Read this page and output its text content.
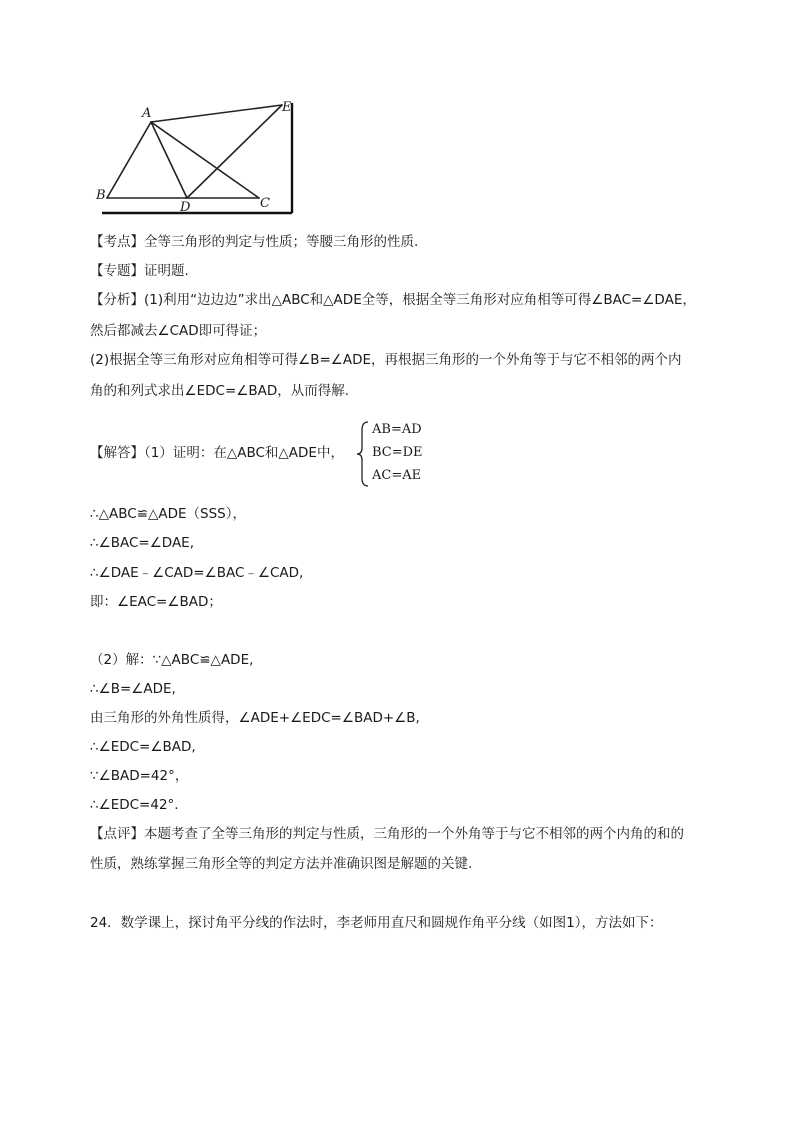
A
B
C
D
E
【考点】全等三角形的判定与性质；等腰三角形的性质.
【专题】证明题.
【分析】(1)利用“边边边”求出△ABC和△ADE全等，根据全等三角形对应角相等可得∠BAC=∠DAE，
然后都减去∠CAD即可得证；
(2)根据全等三角形对应角相等可得∠B=∠ADE，再根据三角形的一个外角等于与它不相邻的两个内
角的和列式求出∠EDC=∠BAD，从而得解.
【解答】（1）证明：在△ABC和△ADE中，
AB=AD
BC=DE
AC=AE
∴△ABC≌△ADE（SSS），
∴∠BAC=∠DAE,
∴∠DAE﹣∠CAD=∠BAC﹣∠CAD,
即：∠EAC=∠BAD；
（2）解：∵△ABC≌△ADE,
∴∠B=∠ADE,
由三角形的外角性质得，∠ADE+∠EDC=∠BAD+∠B,
∴∠EDC=∠BAD,
∵∠BAD=42°，
∴∠EDC=42°.
【点评】本题考查了全等三角形的判定与性质，三角形的一个外角等于与它不相邻的两个内角的和的
性质，熟练掌握三角形全等的判定方法并准确识图是解题的关键.
24．数学课上，探讨角平分线的作法时，李老师用直尺和圆规作角平分线（如图1），方法如下：
